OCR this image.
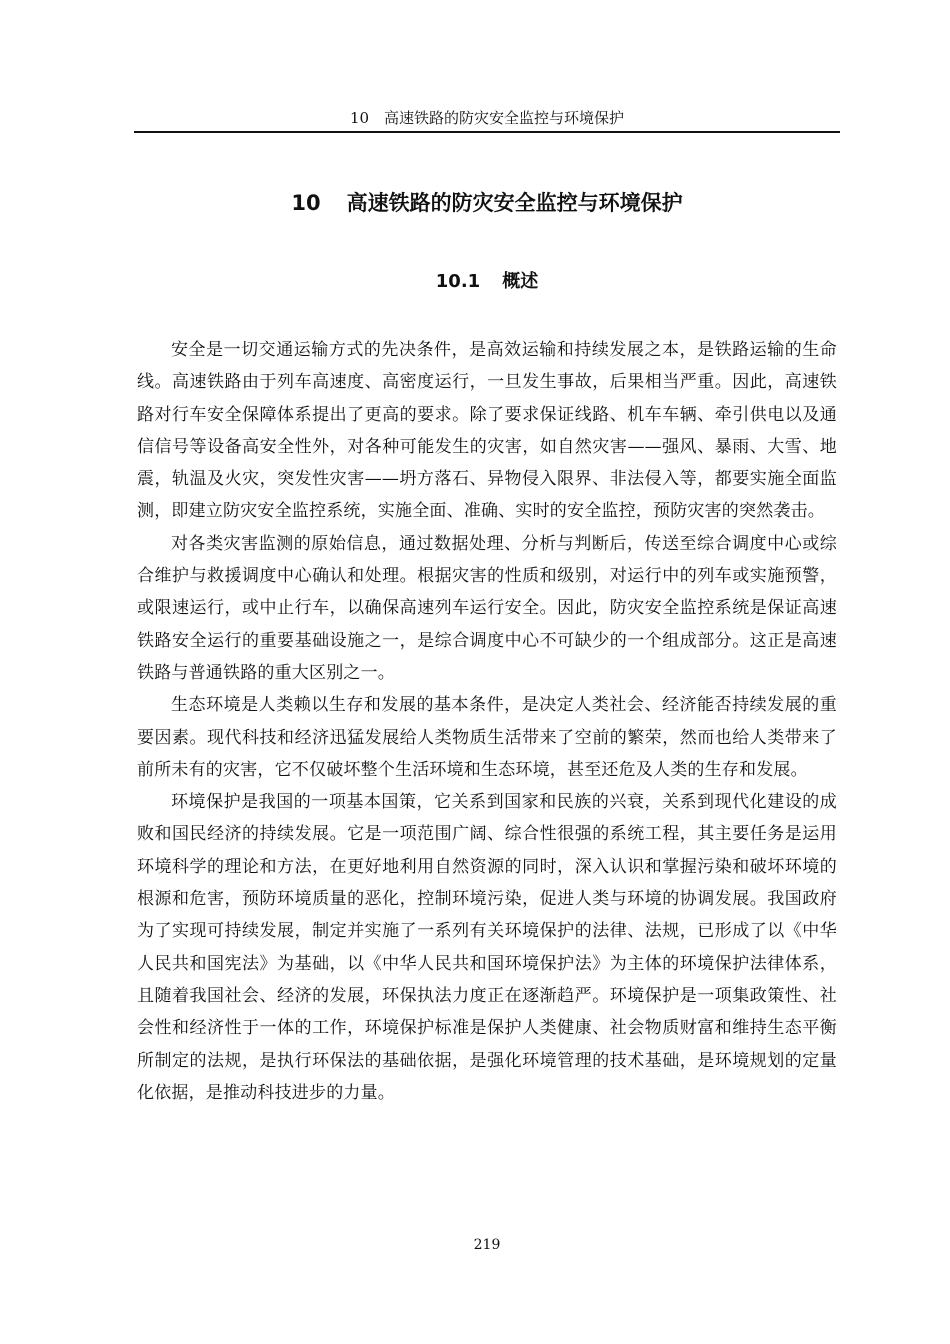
10　高速铁路的防灾安全监控与环境保护
10 高速铁路的防灾安全监控与环境保护
10.1 概述

安全是一切交通运输方式的先决条件，是高效运输和持续发展之本，是铁路运输的生命线。高速铁路由于列车高速度、高密度运行，一旦发生事故，后果相当严重。因此，高速铁路对行车安全保障体系提出了更高的要求。除了要求保证线路、机车车辆、牵引供电以及通信信号等设备高安全性外，对各种可能发生的灾害，如自然灾害——强风、暴雨、大雪、地震，轨温及火灾，突发性灾害——坍方落石、异物侵入限界、非法侵入等，都要实施全面监测，即建立防灾安全监控系统，实施全面、准确、实时的安全监控，预防灾害的突然袭击。

对各类灾害监测的原始信息，通过数据处理、分析与判断后，传送至综合调度中心或综合维护与救援调度中心确认和处理。根据灾害的性质和级别，对运行中的列车或实施预警，或限速运行，或中止行车，以确保高速列车运行安全。因此，防灾安全监控系统是保证高速铁路安全运行的重要基础设施之一，是综合调度中心不可缺少的一个组成部分。这正是高速铁路与普通铁路的重大区别之一。

生态环境是人类赖以生存和发展的基本条件，是决定人类社会、经济能否持续发展的重要因素。现代科技和经济迅猛发展给人类物质生活带来了空前的繁荣，然而也给人类带来了前所未有的灾害，它不仅破坏整个生活环境和生态环境，甚至还危及人类的生存和发展。

环境保护是我国的一项基本国策，它关系到国家和民族的兴衰，关系到现代化建设的成败和国民经济的持续发展。它是一项范围广阔、综合性很强的系统工程，其主要任务是运用环境科学的理论和方法，在更好地利用自然资源的同时，深入认识和掌握污染和破坏环境的根源和危害，预防环境质量的恶化，控制环境污染，促进人类与环境的协调发展。我国政府为了实现可持续发展，制定并实施了一系列有关环境保护的法律、法规，已形成了以《中华人民共和国宪法》为基础，以《中华人民共和国环境保护法》为主体的环境保护法律体系，且随着我国社会、经济的发展，环保执法力度正在逐渐趋严。环境保护是一项集政策性、社会性和经济性于一体的工作，环境保护标准是保护人类健康、社会物质财富和维持生态平衡所制定的法规，是执行环保法的基础依据，是强化环境管理的技术基础，是环境规划的定量化依据，是推动科技进步的力量。

219
